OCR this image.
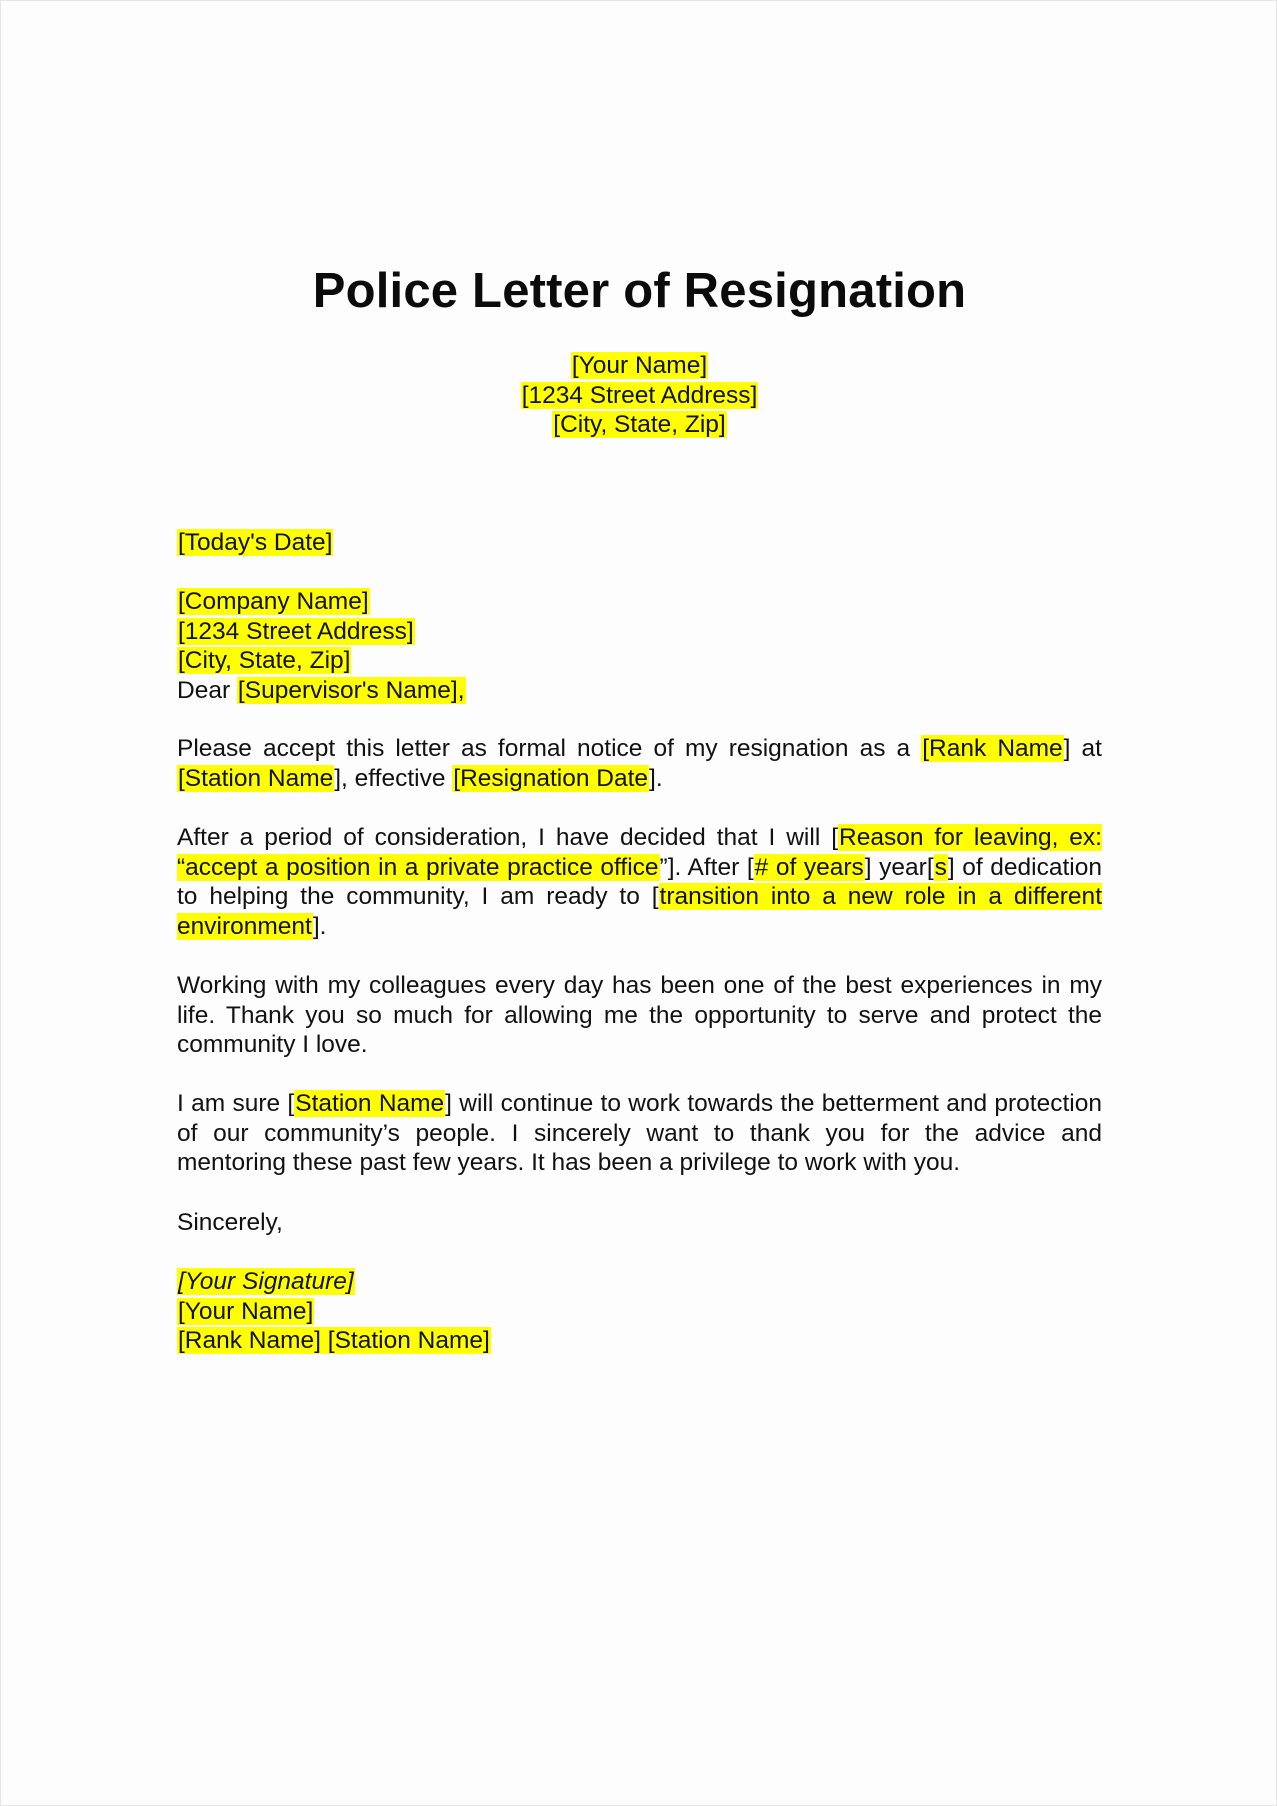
Police Letter of Resignation
[Your Name]
[1234 Street Address]
[City, State, Zip]
[Today's Date]
[Company Name]
[1234 Street Address]
[City, State, Zip]
Dear [Supervisor's Name],
Please accept this letter as formal notice of my resignation as a [Rank Name] at [Station Name], effective [Resignation Date].
After a period of consideration, I have decided that I will [Reason for leaving, ex: “accept a position in a private practice office”]. After [# of years] year[s] of dedication to helping the community, I am ready to [transition into a new role in a different environment].
Working with my colleagues every day has been one of the best experiences in my life. Thank you so much for allowing me the opportunity to serve and protect the community I love.
I am sure [Station Name] will continue to work towards the betterment and protection of our community’s people. I sincerely want to thank you for the advice and mentoring these past few years. It has been a privilege to work with you.
Sincerely,
[Your Signature]
[Your Name]
[Rank Name] [Station Name]
